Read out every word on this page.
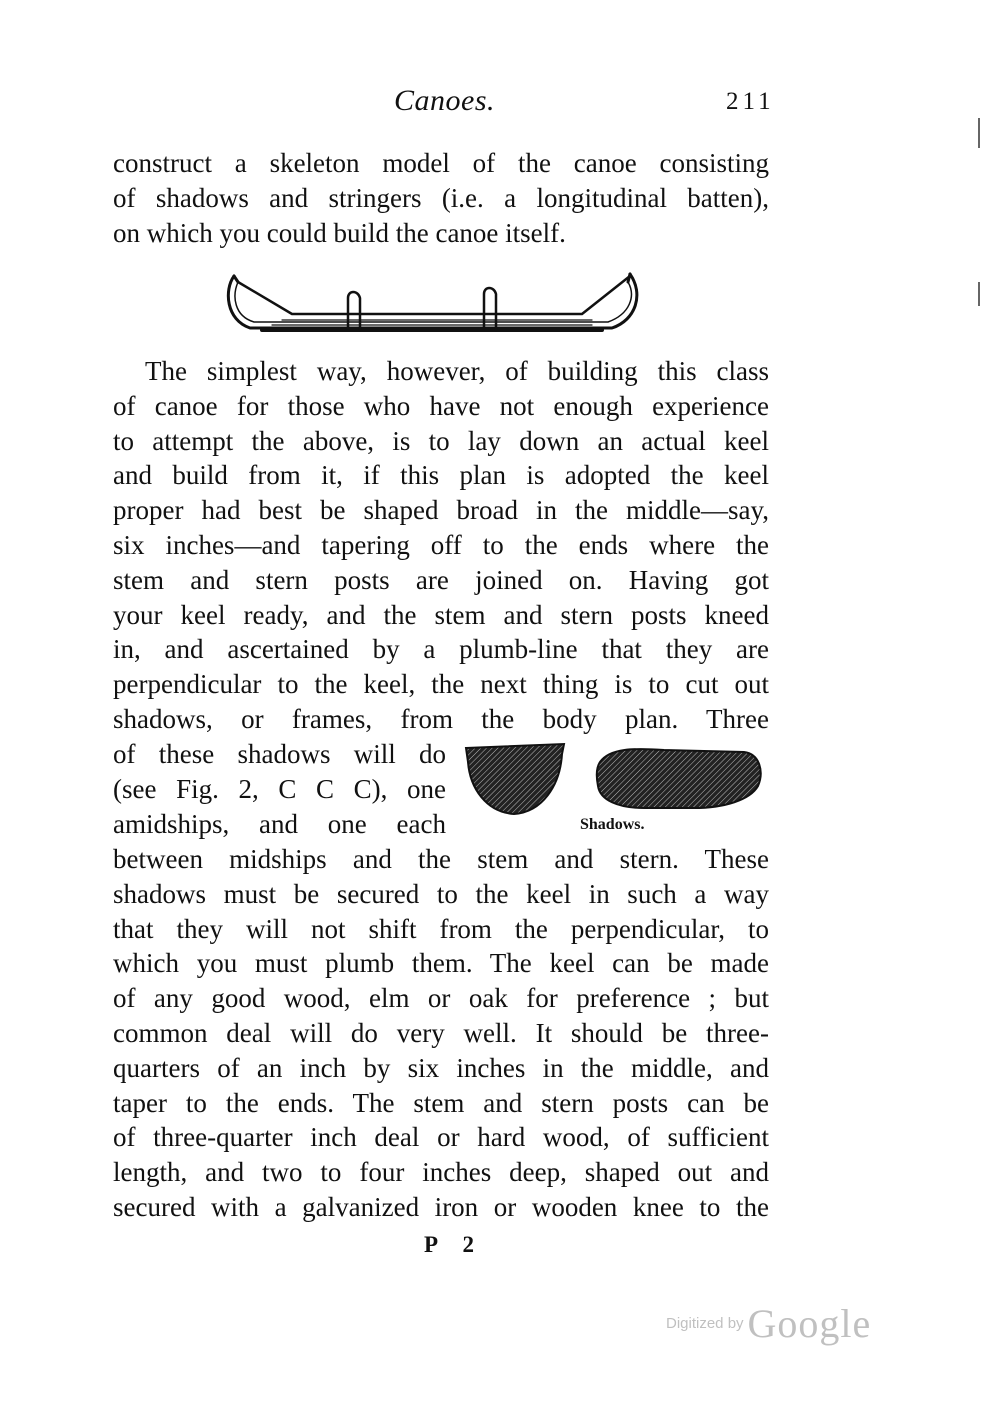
Canoes.	211
construct a skeleton model of the canoe consisting
of shadows and stringers (i.e. a longitudinal batten),
on which you could build the canoe itself.
The simplest way, however, of building this class
of canoe for those who have not enough experience
to attempt the above, is to lay down an actual keel
and build from it, if this plan is adopted the keel
proper had best be shaped broad in the middle—say,
six inches—and tapering off to the ends where the
stem and stern posts are joined on. Having got
your keel ready, and the stem and stern posts kneed
in, and ascertained by a plumb-line that they are
perpendicular to the keel, the next thing is to cut out
shadows, or frames, from the body plan. Three
of these shadows will do
(see Fig. 2, C C C), one
amidships, and one each	Shadows.
between midships and the stem and stern. These
shadows must be secured to the keel in such a way
that they will not shift from the perpendicular, to
which you must plumb them. The keel can be made
of any good wood, elm or oak for preference ; but
common deal will do very well. It should be three-
quarters of an inch by six inches in the middle, and
taper to the ends. The stem and stern posts can be
of three-quarter inch deal or hard wood, of sufficient
length, and two to four inches deep, shaped out and
secured with a galvanized iron or wooden knee to the
P 2
Digitized by Google
